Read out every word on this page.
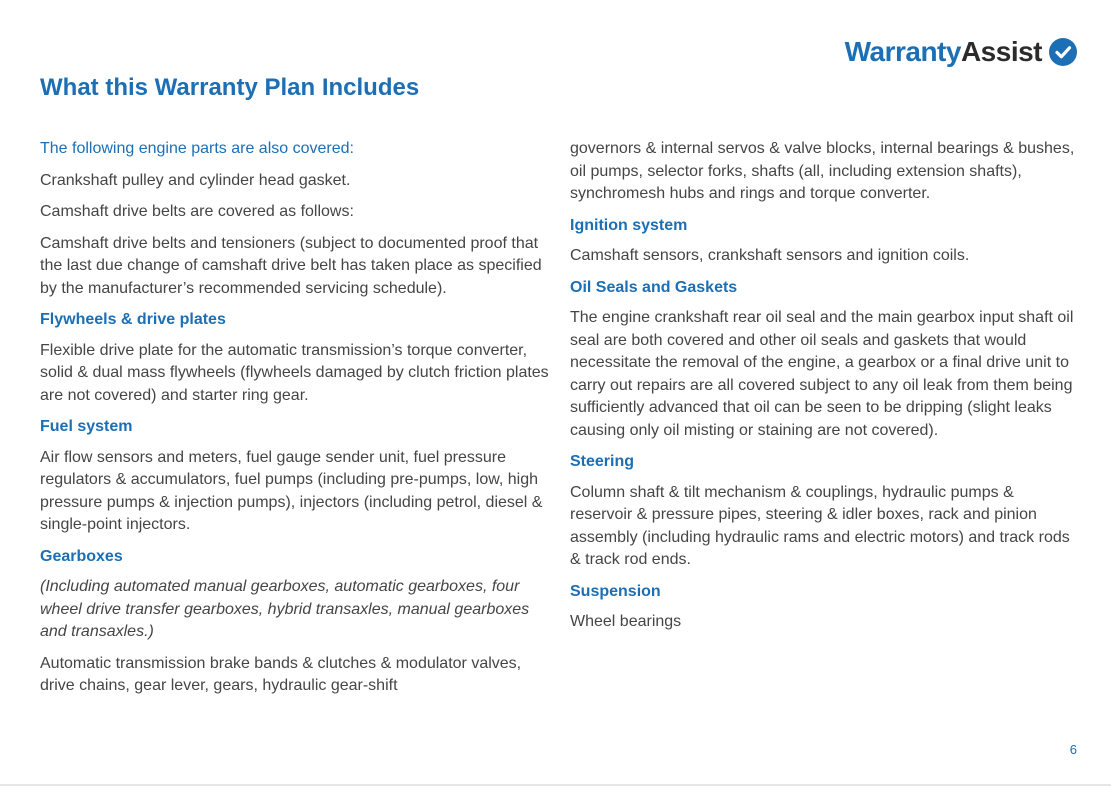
Warranty Assist
What this Warranty Plan Includes

The following engine parts are also covered:

Crankshaft pulley and cylinder head gasket.

Camshaft drive belts are covered as follows:

Camshaft drive belts and tensioners (subject to documented proof that the last due change of camshaft drive belt has taken place as specified by the manufacturer’s recommended servicing schedule).

Flywheels & drive plates

Flexible drive plate for the automatic transmission’s torque converter, solid & dual mass flywheels (flywheels damaged by clutch friction plates are not covered) and starter ring gear.

Fuel system

Air flow sensors and meters, fuel gauge sender unit, fuel pressure regulators & accumulators, fuel pumps (including pre-pumps, low, high pressure pumps & injection pumps), injectors (including petrol, diesel & single-point injectors.

Gearboxes

(Including automated manual gearboxes, automatic gearboxes, four wheel drive transfer gearboxes, hybrid transaxles, manual gearboxes and transaxles.)

Automatic transmission brake bands & clutches & modulator valves, drive chains, gear lever, gears, hydraulic gear-shift

governors & internal servos & valve blocks, internal bearings & bushes, oil pumps, selector forks, shafts (all, including extension shafts), synchromesh hubs and rings and torque converter.

Ignition system

Camshaft sensors, crankshaft sensors and ignition coils.

Oil Seals and Gaskets

The engine crankshaft rear oil seal and the main gearbox input shaft oil seal are both covered and other oil seals and gaskets that would necessitate the removal of the engine, a gearbox or a final drive unit to carry out repairs are all covered subject to any oil leak from them being sufficiently advanced that oil can be seen to be dripping (slight leaks causing only oil misting or staining are not covered).

Steering

Column shaft & tilt mechanism & couplings, hydraulic pumps & reservoir & pressure pipes, steering & idler boxes, rack and pinion assembly (including hydraulic rams and electric motors) and track rods & track rod ends.

Suspension

Wheel bearings

6
